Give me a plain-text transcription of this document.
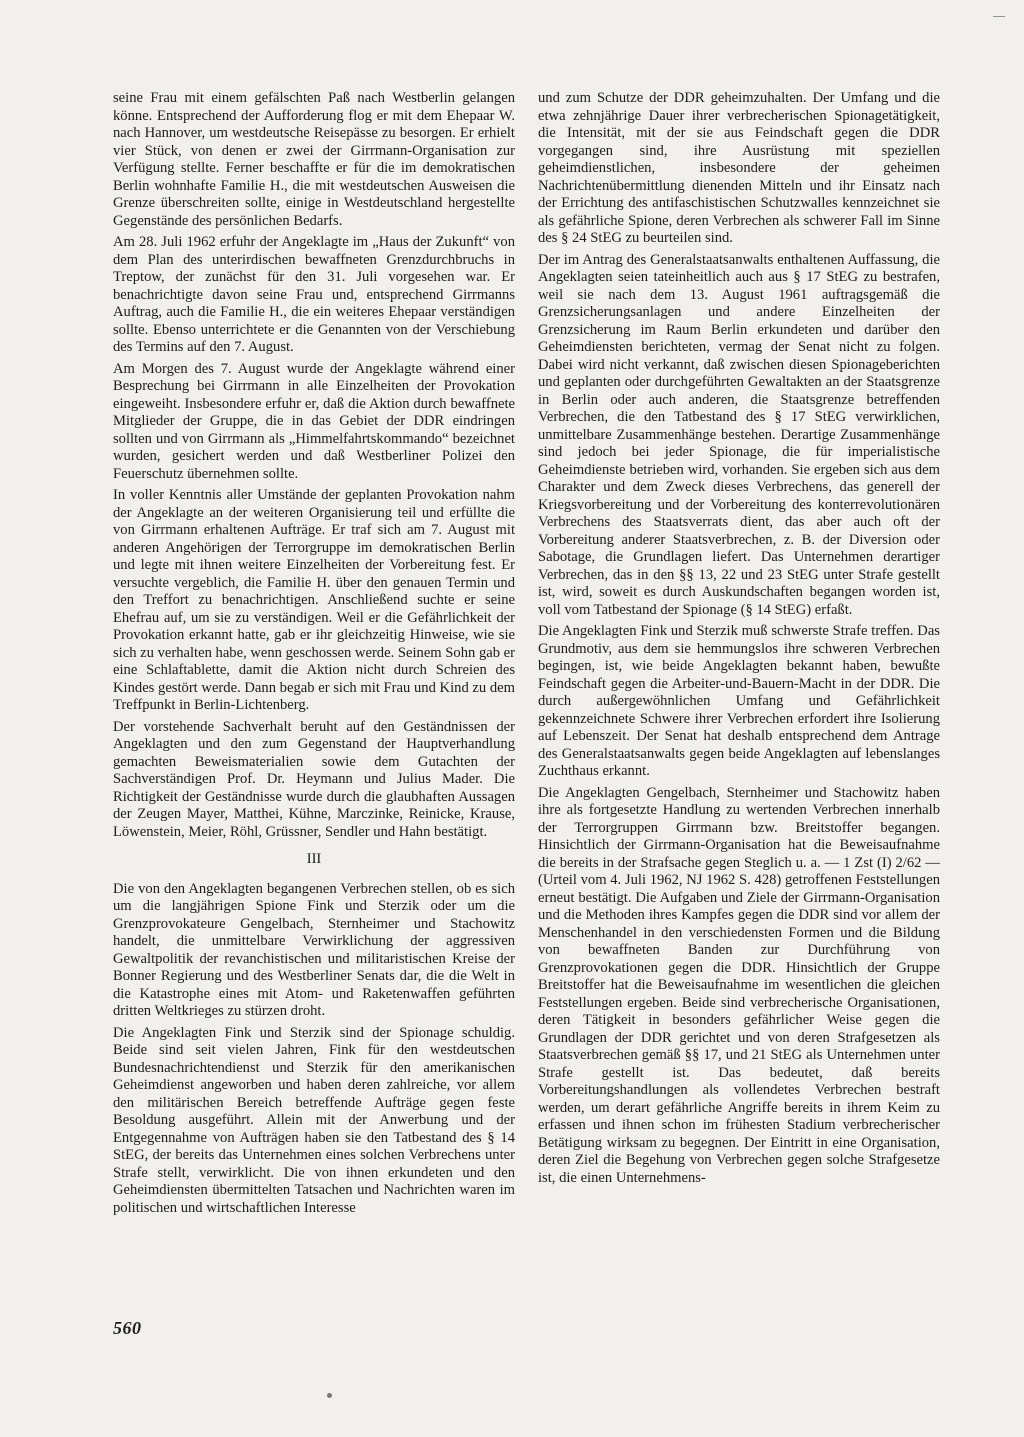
—

seine Frau mit einem gefälschten Paß nach Westberlin gelangen könne. Entsprechend der Aufforderung flog er mit dem Ehepaar W. nach Hannover, um westdeutsche Reisepässe zu besorgen. Er erhielt vier Stück, von denen er zwei der Girrmann-Organisation zur Verfügung stellte. Ferner beschaffte er für die im demokratischen Berlin wohnhafte Familie H., die mit westdeutschen Ausweisen die Grenze überschreiten sollte, einige in Westdeutschland hergestellte Gegenstände des persönlichen Bedarfs.

Am 28. Juli 1962 erfuhr der Angeklagte im „Haus der Zukunft“ von dem Plan des unterirdischen bewaffneten Grenzdurchbruchs in Treptow, der zunächst für den 31. Juli vorgesehen war. Er benachrichtigte davon seine Frau und, entsprechend Girrmanns Auftrag, auch die Familie H., die ein weiteres Ehepaar verständigen sollte. Ebenso unterrichtete er die Genannten von der Verschiebung des Termins auf den 7. August.

Am Morgen des 7. August wurde der Angeklagte während einer Besprechung bei Girrmann in alle Einzelheiten der Provokation eingeweiht. Insbesondere erfuhr er, daß die Aktion durch bewaffnete Mitglieder der Gruppe, die in das Gebiet der DDR eindringen sollten und von Girrmann als „Himmelfahrtskommando“ bezeichnet wurden, gesichert werden und daß Westberliner Polizei den Feuerschutz übernehmen sollte.

In voller Kenntnis aller Umstände der geplanten Provokation nahm der Angeklagte an der weiteren Organisierung teil und erfüllte die von Girrmann erhaltenen Aufträge. Er traf sich am 7. August mit anderen Angehörigen der Terrorgruppe im demokratischen Berlin und legte mit ihnen weitere Einzelheiten der Vorbereitung fest. Er versuchte vergeblich, die Familie H. über den genauen Termin und den Treffort zu benachrichtigen. Anschließend suchte er seine Ehefrau auf, um sie zu verständigen. Weil er die Gefährlichkeit der Provokation erkannt hatte, gab er ihr gleichzeitig Hinweise, wie sie sich zu verhalten habe, wenn geschossen werde. Seinem Sohn gab er eine Schlaftablette, damit die Aktion nicht durch Schreien des Kindes gestört werde. Dann begab er sich mit Frau und Kind zu dem Treffpunkt in Berlin-Lichtenberg.

Der vorstehende Sachverhalt beruht auf den Geständnissen der Angeklagten und den zum Gegenstand der Hauptverhandlung gemachten Beweismaterialien sowie dem Gutachten der Sachverständigen Prof. Dr. Heymann und Julius Mader. Die Richtigkeit der Geständnisse wurde durch die glaubhaften Aussagen der Zeugen Mayer, Matthei, Kühne, Marczinke, Reinicke, Krause, Löwenstein, Meier, Röhl, Grüssner, Sendler und Hahn bestätigt.

III

Die von den Angeklagten begangenen Verbrechen stellen, ob es sich um die langjährigen Spione Fink und Sterzik oder um die Grenzprovokateure Gengelbach, Sternheimer und Stachowitz handelt, die unmittelbare Verwirklichung der aggressiven Gewaltpolitik der revanchistischen und militaristischen Kreise der Bonner Regierung und des Westberliner Senats dar, die die Welt in die Katastrophe eines mit Atom- und Raketenwaffen geführten dritten Weltkrieges zu stürzen droht.

Die Angeklagten Fink und Sterzik sind der Spionage schuldig. Beide sind seit vielen Jahren, Fink für den westdeutschen Bundesnachrichtendienst und Sterzik für den amerikanischen Geheimdienst angeworben und haben deren zahlreiche, vor allem den militärischen Bereich betreffende Aufträge gegen feste Besoldung ausgeführt. Allein mit der Anwerbung und der Entgegennahme von Aufträgen haben sie den Tatbestand des § 14 StEG, der bereits das Unternehmen eines solchen Verbrechens unter Strafe stellt, verwirklicht. Die von ihnen erkundeten und den Geheimdiensten übermittelten Tatsachen und Nachrichten waren im politischen und wirtschaftlichen Interesse

und zum Schutze der DDR geheimzuhalten. Der Umfang und die etwa zehnjährige Dauer ihrer verbrecherischen Spionagetätigkeit, die Intensität, mit der sie aus Feindschaft gegen die DDR vorgegangen sind, ihre Ausrüstung mit speziellen geheimdienstlichen, insbesondere der geheimen Nachrichtenübermittlung dienenden Mitteln und ihr Einsatz nach der Errichtung des antifaschistischen Schutzwalles kennzeichnet sie als gefährliche Spione, deren Verbrechen als schwerer Fall im Sinne des § 24 StEG zu beurteilen sind.

Der im Antrag des Generalstaatsanwalts enthaltenen Auffassung, die Angeklagten seien tateinheitlich auch aus § 17 StEG zu bestrafen, weil sie nach dem 13. August 1961 auftragsgemäß die Grenzsicherungsanlagen und andere Einzelheiten der Grenzsicherung im Raum Berlin erkundeten und darüber den Geheimdiensten berichteten, vermag der Senat nicht zu folgen. Dabei wird nicht verkannt, daß zwischen diesen Spionageberichten und geplanten oder durchgeführten Gewaltakten an der Staatsgrenze in Berlin oder auch anderen, die Staatsgrenze betreffenden Verbrechen, die den Tatbestand des § 17 StEG verwirklichen, unmittelbare Zusammenhänge bestehen. Derartige Zusammenhänge sind jedoch bei jeder Spionage, die für imperialistische Geheimdienste betrieben wird, vorhanden. Sie ergeben sich aus dem Charakter und dem Zweck dieses Verbrechens, das generell der Kriegsvorbereitung und der Vorbereitung des konterrevolutionären Verbrechens des Staatsverrats dient, das aber auch oft der Vorbereitung anderer Staatsverbrechen, z. B. der Diversion oder Sabotage, die Grundlagen liefert. Das Unternehmen derartiger Verbrechen, das in den §§ 13, 22 und 23 StEG unter Strafe gestellt ist, wird, soweit es durch Auskundschaften begangen worden ist, voll vom Tatbestand der Spionage (§ 14 StEG) erfaßt.

Die Angeklagten Fink und Sterzik muß schwerste Strafe treffen. Das Grundmotiv, aus dem sie hemmungslos ihre schweren Verbrechen begingen, ist, wie beide Angeklagten bekannt haben, bewußte Feindschaft gegen die Arbeiter-und-Bauern-Macht in der DDR. Die durch außergewöhnlichen Umfang und Gefährlichkeit gekennzeichnete Schwere ihrer Verbrechen erfordert ihre Isolierung auf Lebenszeit. Der Senat hat deshalb entsprechend dem Antrage des Generalstaatsanwalts gegen beide Angeklagten auf lebenslanges Zuchthaus erkannt.

Die Angeklagten Gengelbach, Sternheimer und Stachowitz haben ihre als fortgesetzte Handlung zu wertenden Verbrechen innerhalb der Terrorgruppen Girrmann bzw. Breitstoffer begangen. Hinsichtlich der Girrmann-Organisation hat die Beweisaufnahme die bereits in der Strafsache gegen Steglich u. a. — 1 Zst (I) 2/62 — (Urteil vom 4. Juli 1962, NJ 1962 S. 428) getroffenen Feststellungen erneut bestätigt. Die Aufgaben und Ziele der Girrmann-Organisation und die Methoden ihres Kampfes gegen die DDR sind vor allem der Menschenhandel in den verschiedensten Formen und die Bildung von bewaffneten Banden zur Durchführung von Grenzprovokationen gegen die DDR. Hinsichtlich der Gruppe Breitstoffer hat die Beweisaufnahme im wesentlichen die gleichen Feststellungen ergeben. Beide sind verbrecherische Organisationen, deren Tätigkeit in besonders gefährlicher Weise gegen die Grundlagen der DDR gerichtet und von deren Strafgesetzen als Staatsverbrechen gemäß §§ 17, und 21 StEG als Unternehmen unter Strafe gestellt ist. Das bedeutet, daß bereits Vorbereitungshandlungen als vollendetes Verbrechen bestraft werden, um derart gefährliche Angriffe bereits in ihrem Keim zu erfassen und ihnen schon im frühesten Stadium verbrecherischer Betätigung wirksam zu begegnen. Der Eintritt in eine Organisation, deren Ziel die Begehung von Verbrechen gegen solche Strafgesetze ist, die einen Unternehmens-

560
